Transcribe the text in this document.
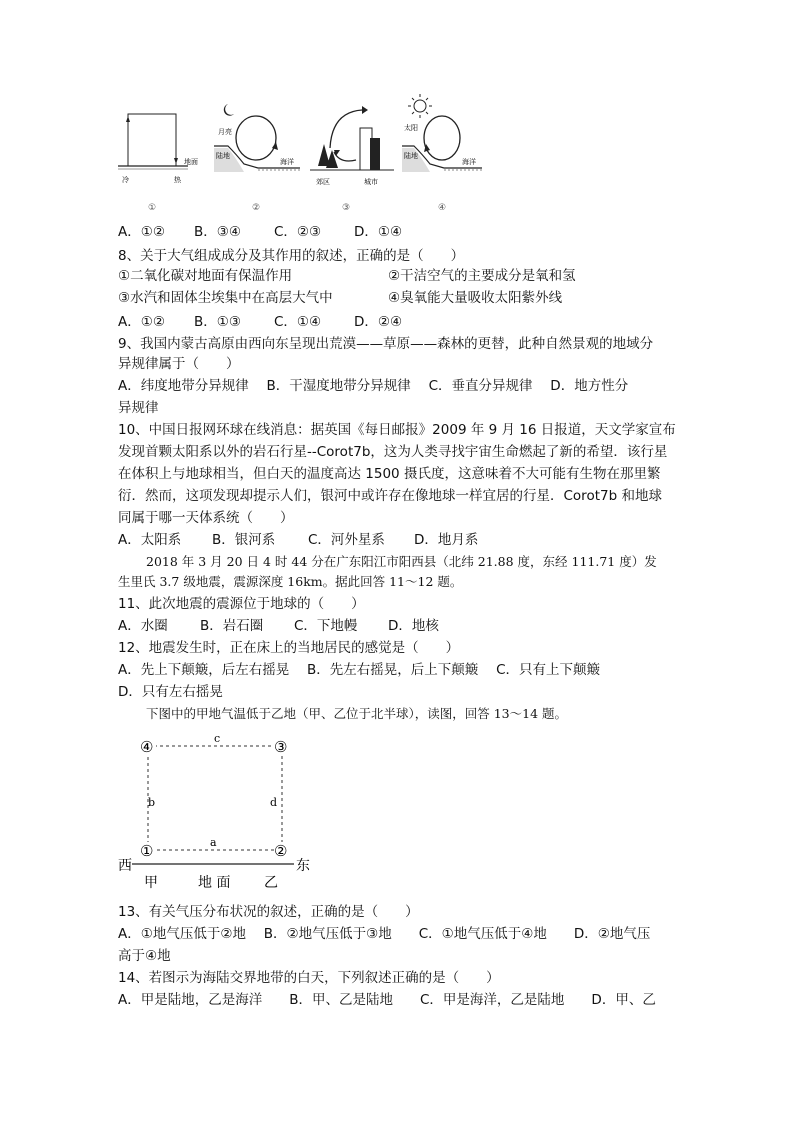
地面
冷	热
①
月亮
陆地
海洋
②
郊区	城市
③
太阳
陆地
海洋
④
A．①② B．③④ C．②③ D．①④
8、关于大气组成成分及其作用的叙述，正确的是（　　）
①二氧化碳对地面有保温作用	②干洁空气的主要成分是氧和氢
③水汽和固体尘埃集中在高层大气中	④臭氧能大量吸收太阳紫外线
A．①② B．①③ C．①④ D．②④
9、我国内蒙古高原由西向东呈现出荒漠——草原——森林的更替，此种自然景观的地域分
异规律属于（　　）
A．纬度地带分异规律　 B．干湿度地带分异规律　 C．垂直分异规律　 D．地方性分
异规律
10、中国日报网环球在线消息：据英国《每日邮报》2009 年 9 月 16 日报道，天文学家宣布
发现首颗太阳系以外的岩石行星--Corot7b，这为人类寻找宇宙生命燃起了新的希望．该行星
在体积上与地球相当，但白天的温度高达 1500 摄氏度，这意味着不大可能有生物在那里繁
衍．然而，这项发现却提示人们，银河中或许存在像地球一样宜居的行星．Corot7b 和地球
同属于哪一天体系统（　　）
A．太阳系 B．银河系 C．河外星系 D．地月系
2018 年 3 月 20 日 4 时 44 分在广东阳江市阳西县（北纬 21.88 度，东经 111.71 度）发
生里氏 3.7 级地震，震源深度 16km。据此回答 11～12 题。
11、此次地震的震源位于地球的（　　）
A．水圈 B．岩石圈 C．下地幔 D．地核
12、地震发生时，正在床上的当地居民的感觉是（　　）
A．先上下颠簸，后左右摇晃　 B．先左右摇晃，后上下颠簸　 C．只有上下颠簸
D．只有左右摇晃
下图中的甲地气温低于乙地（甲、乙位于北半球），读图，回答 13～14 题。
④	③
①	②
c
b	d
a
西	东
甲	地 面 乙
13、有关气压分布状况的叙述，正确的是（　　）
A．①地气压低于②地　 B．②地气压低于③地　　C．①地气压低于④地　　D．②地气压
高于④地
14、若图示为海陆交界地带的白天，下列叙述正确的是（　　）
A．甲是陆地，乙是海洋　　B．甲、乙是陆地　　C．甲是海洋，乙是陆地　　D．甲、乙
